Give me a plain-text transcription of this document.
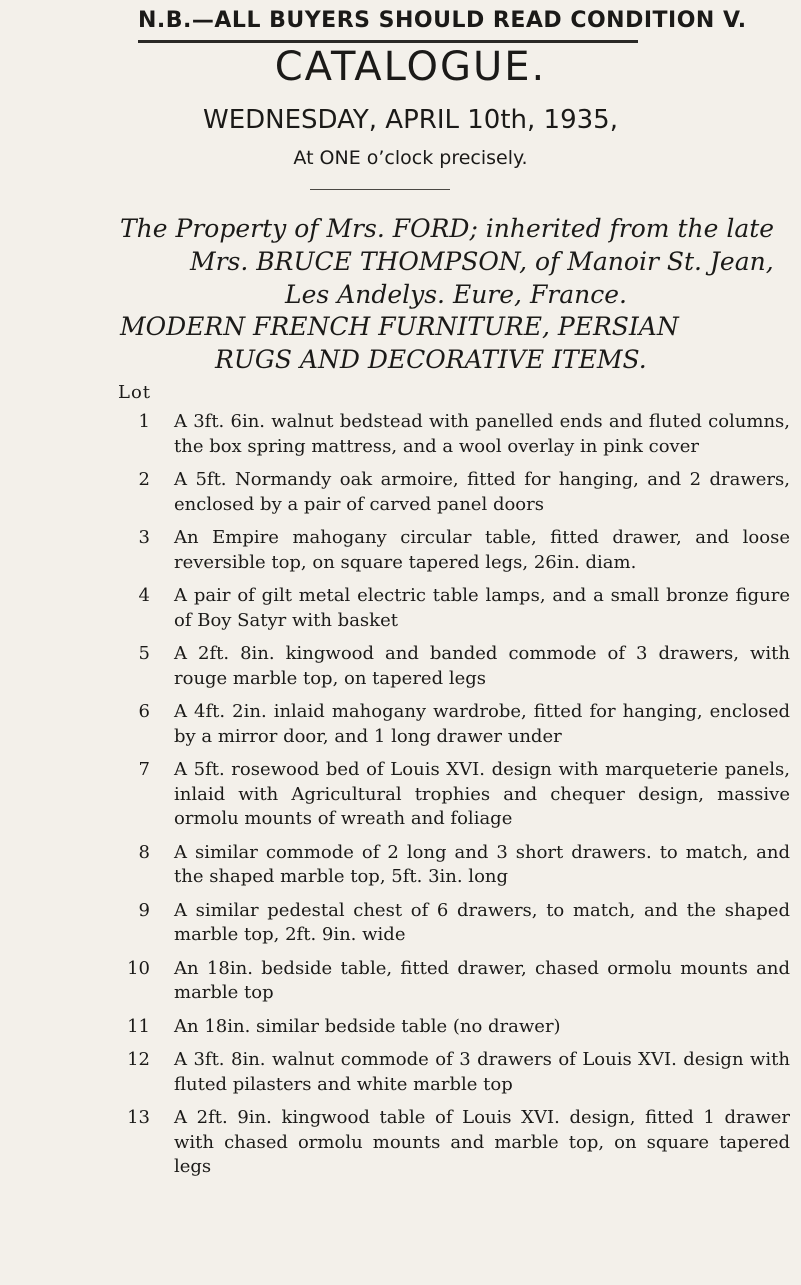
N.B.—ALL BUYERS SHOULD READ CONDITION V.
CATALOGUE.
WEDNESDAY, APRIL 10th, 1935,
At ONE o’clock precisely.
The Property of Mrs. FORD; inherited from the late
Mrs. BRUCE THOMPSON, of Manoir St. Jean,
Les Andelys. Eure, France.
MODERN FRENCH FURNITURE, PERSIAN
RUGS AND DECORATIVE ITEMS.
Lot
1 A 3ft. 6in. walnut bedstead with panelled ends and fluted columns, the box spring mattress, and a wool overlay in pink cover
2 A 5ft. Normandy oak armoire, fitted for hanging, and 2 drawers, enclosed by a pair of carved panel doors
3 An Empire mahogany circular table, fitted drawer, and loose reversible top, on square tapered legs, 26in. diam.
4 A pair of gilt metal electric table lamps, and a small bronze figure of Boy Satyr with basket
5 A 2ft. 8in. kingwood and banded commode of 3 drawers, with rouge marble top, on tapered legs
6 A 4ft. 2in. inlaid mahogany wardrobe, fitted for hanging, enclosed by a mirror door, and 1 long drawer under
7 A 5ft. rosewood bed of Louis XVI. design with marqueterie panels, inlaid with Agricultural trophies and chequer design, massive ormolu mounts of wreath and foliage
8 A similar commode of 2 long and 3 short drawers. to match, and the shaped marble top, 5ft. 3in. long
9 A similar pedestal chest of 6 drawers, to match, and the shaped marble top, 2ft. 9in. wide
10 An 18in. bedside table, fitted drawer, chased ormolu mounts and marble top
11 An 18in. similar bedside table (no drawer)
12 A 3ft. 8in. walnut commode of 3 drawers of Louis XVI. design with fluted pilasters and white marble top
13 A 2ft. 9in. kingwood table of Louis XVI. design, fitted 1 drawer with chased ormolu mounts and marble top, on square tapered legs
